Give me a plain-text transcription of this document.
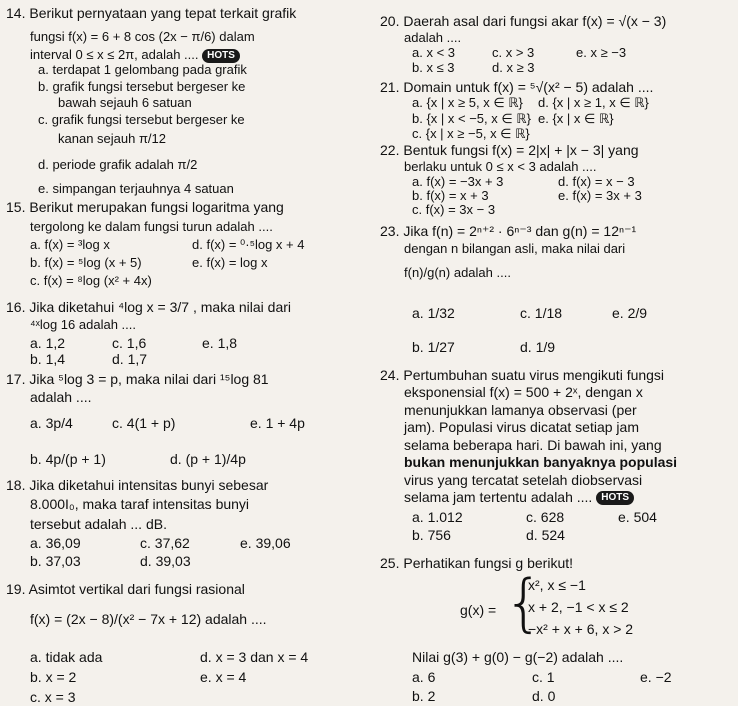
14. Berikut pernyataan yang tepat terkait grafik
fungsi f(x) = 6 + 8 cos (2x − π/6) dalam
interval 0 ≤ x ≤ 2π, adalah .... HOTS
a. terdapat 1 gelombang pada grafik
b. grafik fungsi tersebut bergeser ke
bawah sejauh 6 satuan
c. grafik fungsi tersebut bergeser ke
kanan sejauh π/12
d. periode grafik adalah π/2
e. simpangan terjauhnya 4 satuan
15. Berikut merupakan fungsi logaritma yang
tergolong ke dalam fungsi turun adalah ....
a. f(x) = ³log x	d. f(x) = ⁰·⁵log x + 4
b. f(x) = ⁵log (x + 5)	e. f(x) = log x
c. f(x) = ⁸log (x² + 4x)
16. Jika diketahui ⁴log x = 3/7 , maka nilai dari
⁴ˣlog 16 adalah ....
a. 1,2	c. 1,6	e. 1,8
b. 1,4	d. 1,7
17. Jika ⁵log 3 = p, maka nilai dari ¹⁵log 81
adalah ....
a. 3p/4	c. 4(1 + p)	e. 1 + 4p
b. 4p/(p + 1)	d. (p + 1)/4p
18. Jika diketahui intensitas bunyi sebesar
8.000I₀, maka taraf intensitas bunyi
tersebut adalah ... dB.
a. 36,09	c. 37,62	e. 39,06
b. 37,03	d. 39,03
19. Asimtot vertikal dari fungsi rasional
f(x) = (2x − 8)/(x² − 7x + 12) adalah ....
a. tidak ada	d. x = 3 dan x = 4
b. x = 2	e. x = 4
c. x = 3
20. Daerah asal dari fungsi akar f(x) = √(x − 3)
adalah ....
a. x < 3	c. x > 3	e. x ≥ −3
b. x ≤ 3	d. x ≥ 3
21. Domain untuk f(x) = ⁵√(x² − 5) adalah ....
a. {x | x ≥ 5, x ∈ ℝ} d. {x | x ≥ 1, x ∈ ℝ}
b. {x | x < −5, x ∈ ℝ} e. {x | x ∈ ℝ}
c. {x | x ≥ −5, x ∈ ℝ}
22. Bentuk fungsi f(x) = 2|x| + |x − 3| yang
berlaku untuk 0 ≤ x < 3 adalah ....
a. f(x) = −3x + 3	d. f(x) = x − 3
b. f(x) = x + 3	e. f(x) = 3x + 3
c. f(x) = 3x − 3
23. Jika f(n) = 2ⁿ⁺² · 6ⁿ⁻³ dan g(n) = 12ⁿ⁻¹
dengan n bilangan asli, maka nilai dari
f(n)/g(n) adalah ....
a. 1/32	c. 1/18	e. 2/9
b. 1/27	d. 1/9
24. Pertumbuhan suatu virus mengikuti fungsi
eksponensial f(x) = 500 + 2ˣ, dengan x
menunjukkan lamanya observasi (per
jam). Populasi virus dicatat setiap jam
selama beberapa hari. Di bawah ini, yang
bukan menunjukkan banyaknya populasi
virus yang tercatat setelah diobservasi
selama jam tertentu adalah .... HOTS
a. 1.012	c. 628	e. 504
b. 756	d. 524
25. Perhatikan fungsi g berikut!
g(x) = {
x², x ≤ −1
x + 2, −1 < x ≤ 2
−x² + x + 6, x > 2
Nilai g(3) + g(0) − g(−2) adalah ....
a. 6	c. 1	e. −2
b. 2	d. 0
